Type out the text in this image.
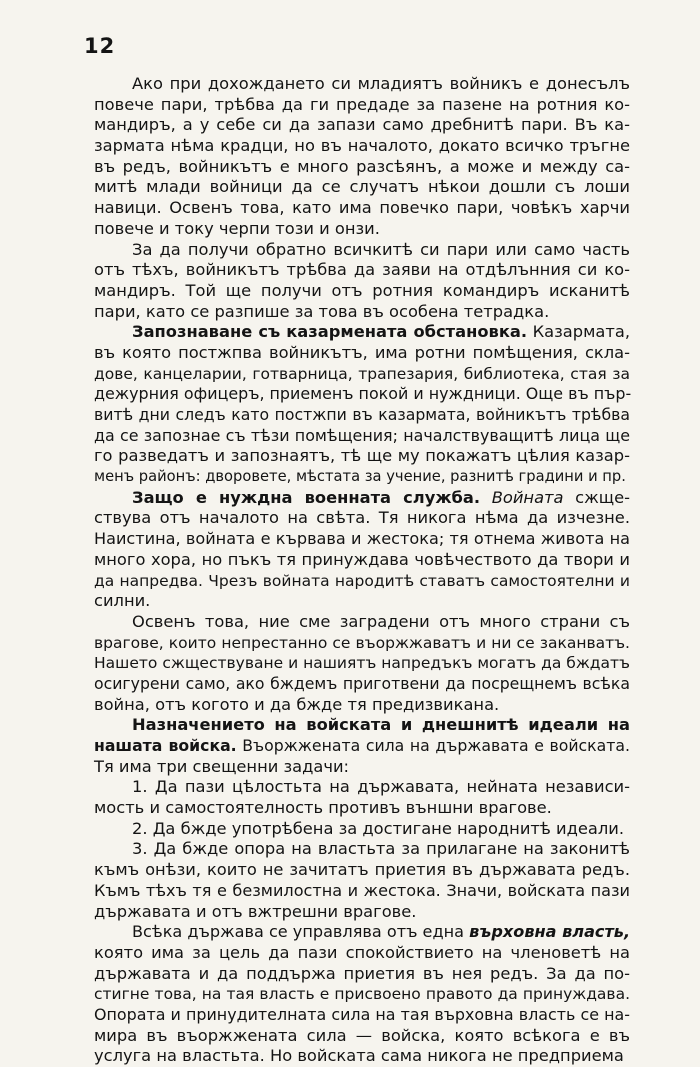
12
Ако при дохождането си младиятъ войникъ е донесълъ
повече пари, трѣбва да ги предаде за пазене на ротния ко-
мандиръ, а у себе си да запази само дребнитѣ пари. Въ ка-
зармата нѣма крадци, но въ началото, докато всичко тръгне
въ редъ, войникътъ е много разсѣянъ, а може и между са-
митѣ млади войници да се случатъ нѣкои дошли съ лоши
навици. Освенъ това, като има повечко пари, човѣкъ харчи
повече и току черпи този и онзи.
За да получи обратно всичкитѣ си пари или само часть
отъ тѣхъ, войникътъ трѣбва да заяви на отдѣлънния си ко-
мандиръ. Той ще получи отъ ротния командиръ исканитѣ
пари, като се разпише за това въ особена тетрадка.
Запознаване съ казармената обстановка. Казармата,
въ която постжпва войникътъ, има ротни помѣщения, скла-
дове, канцеларии, готварница, трапезария, библиотека, стая за
дежурния офицеръ, приеменъ покой и нуждници. Още въ пър-
витѣ дни следъ като постжпи въ казармата, войникътъ трѣбва
да се запознае съ тѣзи помѣщения; началствуващитѣ лица ще
го разведатъ и запознаятъ, тѣ ще му покажатъ цѣлия казар-
менъ районъ: дворовете, мѣстата за учение, разнитѣ градини и пр.
Защо е нуждна военната служба. Войната сжще-
ствува отъ началото на свѣта. Тя никога нѣма да изчезне.
Наистина, войната е кървава и жестока; тя отнема живота на
много хора, но пъкъ тя принуждава човѣчеството да твори и
да напредва. Чрезъ войната народитѣ ставатъ самостоятелни и
силни.
Освенъ това, ние сме заградени отъ много страни съ
врагове, които непрестанно се въоржжаватъ и ни се заканватъ.
Нашето сжществуване и нашиятъ напредъкъ могатъ да бждатъ
осигурени само, ако бждемъ приготвени да посрещнемъ всѣка
война, отъ когото и да бжде тя предизвикана.
Назначението на войската и днешнитѣ идеали на
нашата войска. Въоржжената сила на държавата е войската.
Тя има три свещенни задачи:
1. Да пази цѣлостьта на държавата, нейната независи-
мость и самостоятелность противъ външни врагове.
2. Да бжде употрѣбена за достигане народнитѣ идеали.
3. Да бжде опора на властьта за прилагане на законитѣ
къмъ онѣзи, които не зачитатъ приетия въ държавата редъ.
Къмъ тѣхъ тя е безмилостна и жестока. Значи, войската пази
държавата и отъ вжтрешни врагове.
Всѣка държава се управлява отъ една върховна власть,
която има за цель да пази спокойствието на членоветѣ на
държавата и да поддържа приетия въ нея редъ. За да по-
стигне това, на тая власть е присвоено правото да принуждава.
Опората и принудителната сила на тая върховна власть се на-
мира въ въоржжената сила — войска, която всѣкога е въ
услуга на властьта. Но войската сама никога не предприема
